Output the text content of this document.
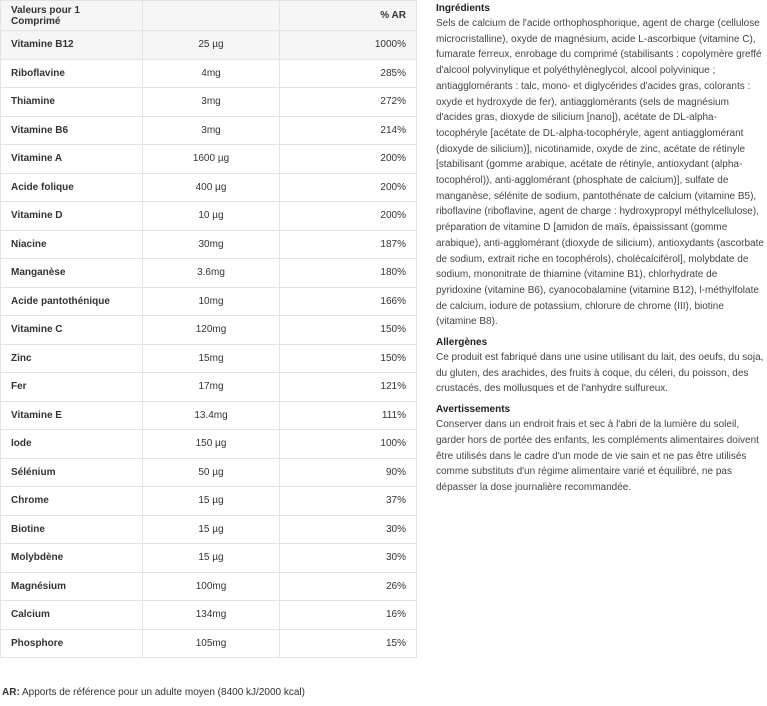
Valeurs pour 1 Comprimé		% AR
Vitamine B12	25 µg	1000%
Riboflavine	4mg	285%
Thiamine	3mg	272%
Vitamine B6	3mg	214%
Vitamine A	1600 µg	200%
Acide folique	400 µg	200%
Vitamine D	10 µg	200%
Niacine	30mg	187%
Manganèse	3.6mg	180%
Acide pantothénique	10mg	166%
Vitamine C	120mg	150%
Zinc	15mg	150%
Fer	17mg	121%
Vitamine E	13.4mg	111%
Iode	150 µg	100%
Sélénium	50 µg	90%
Chrome	15 µg	37%
Biotine	15 µg	30%
Molybdène	15 µg	30%
Magnésium	100mg	26%
Calcium	134mg	16%
Phosphore	105mg	15%
AR: Apports de référence pour un adulte moyen (8400 kJ/2000 kcal)
Ingrédients

Sels de calcium de l'acide orthophosphorique, agent de charge (cellulose microcristalline), oxyde de magnésium, acide L-ascorbique (vitamine C), fumarate ferreux, enrobage du comprimé (stabilisants : copolymère greffé d'alcool polyvinylique et polyéthylèneglycol, alcool polyvinique ; antiagglomérants : talc, mono- et diglycérides d'acides gras, colorants : oxyde et hydroxyde de fer), antiagglomérants (sels de magnésium d'acides gras, dioxyde de silicium [nano]), acétate de DL-alpha-tocophéryle [acétate de DL-alpha-tocophéryle, agent antiagglomérant (dioxyde de silicium)], nicotinamide, oxyde de zinc, acétate de rétinyle [stabilisant (gomme arabique, acétate de rétinyle, antioxydant (alpha-tocophérol)), anti-agglomérant (phosphate de calcium)], sulfate de manganèse, sélénite de sodium, pantothénate de calcium (vitamine B5), riboflavine (riboflavine, agent de charge : hydroxypropyl méthylcellulose), préparation de vitamine D [amidon de maïs, épaississant (gomme arabique), anti-agglomérant (dioxyde de silicium), antioxydants (ascorbate de sodium, extrait riche en tocophérols), cholécalciférol], molybdate de sodium, mononitrate de thiamine (vitamine B1), chlorhydrate de pyridoxine (vitamine B6), cyanocobalamine (vitamine B12), l-méthylfolate de calcium, iodure de potassium, chlorure de chrome (III), biotine (vitamine B8).

Allergènes

Ce produit est fabriqué dans une usine utilisant du lait, des oeufs, du soja, du gluten, des arachides, des fruits à coque, du céleri, du poisson, des crustacés, des mollusques et de l'anhydre sulfureux.

Avertissements

Conserver dans un endroit frais et sec à l'abri de la lumière du soleil, garder hors de portée des enfants, les compléments alimentaires doivent être utilisés dans le cadre d'un mode de vie sain et ne pas être utilisés comme substituts d'un régime alimentaire varié et équilibré, ne pas dépasser la dose journalière recommandée.
